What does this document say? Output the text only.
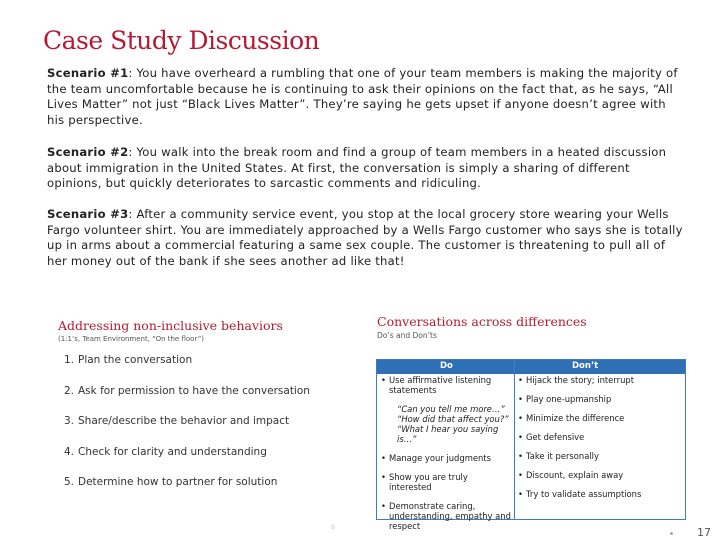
Case Study Discussion
Scenario #1: You have overheard a rumbling that one of your team members is making the majority of the team uncomfortable because he is continuing to ask their opinions on the fact that, as he says, “All Lives Matter” not just “Black Lives Matter”. They’re saying he gets upset if anyone doesn’t agree with his perspective.
Scenario #2: You walk into the break room and find a group of team members in a heated discussion about immigration in the United States. At first, the conversation is simply a sharing of different opinions, but quickly deteriorates to sarcastic comments and ridiculing.
Scenario #3: After a community service event, you stop at the local grocery store wearing your Wells Fargo volunteer shirt. You are immediately approached by a Wells Fargo customer who says she is totally up in arms about a commercial featuring a same sex couple. The customer is threatening to pull all of her money out of the bank if she sees another ad like that!
Addressing non-inclusive behaviors
(1:1’s, Team Environment, “On the floor”)
1. Plan the conversation
2. Ask for permission to have the conversation
3. Share/describe the behavior and impact
4. Check for clarity and understanding
5. Determine how to partner for solution
0
Conversations across differences
Do’s and Don’ts
Do	Don’t
• Use affirmative listening statements
“Can you tell me more…” “How did that affect you?” “What I hear you saying is…”
• Manage your judgments
• Show you are truly interested
• Demonstrate caring, understanding, empathy and respect
• Hijack the story; interrupt
• Play one-upmanship
• Minimize the difference
• Get defensive
• Take it personally
• Discount, explain away
• Try to validate assumptions
17
